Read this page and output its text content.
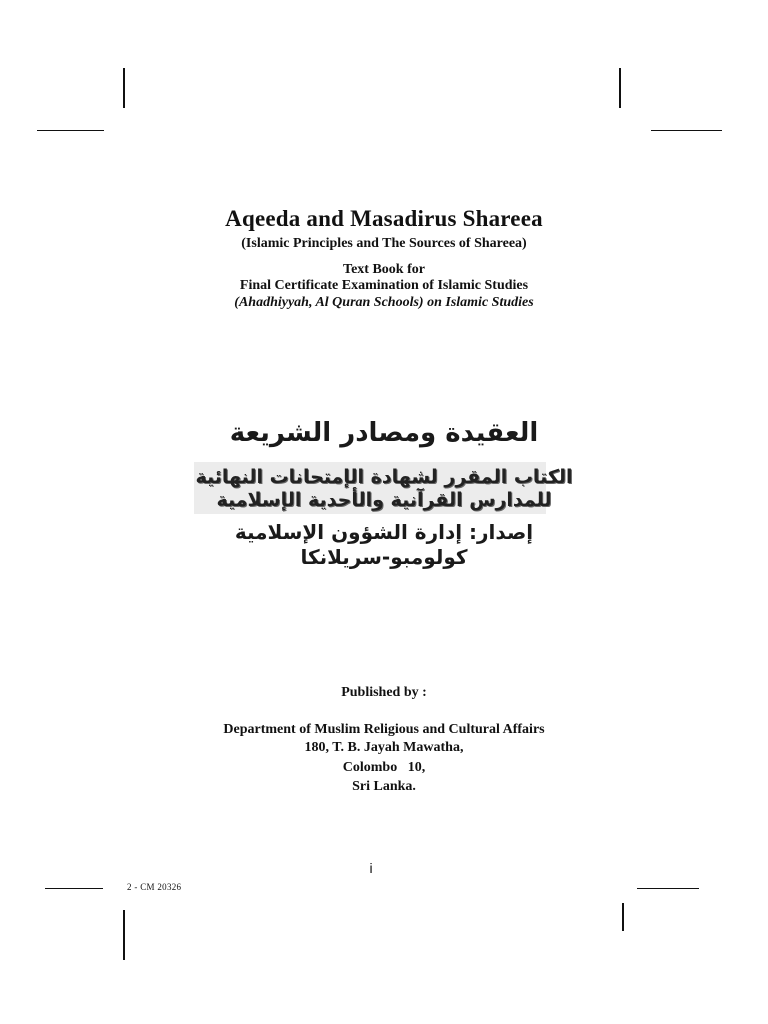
Aqeeda and Masadirus Shareea
(Islamic Principles and The Sources of Shareea)
Text Book for
Final Certificate Examination of Islamic Studies
(Ahadhiyyah, Al Quran Schools) on Islamic Studies
العقيدة ومصادر الشريعة
الكتاب المقرر لشهادة الإمتحانات النهائية
للمدارس القرآنية والأحدية الإسلامية
إصدار: إدارة الشؤون الإسلامية
كولومبو-سريلانكا
Published by :
Department of Muslim Religious and Cultural Affairs
180, T. B. Jayah Mawatha,
Colombo   10,
Sri Lanka.
i
2 - CM 20326
